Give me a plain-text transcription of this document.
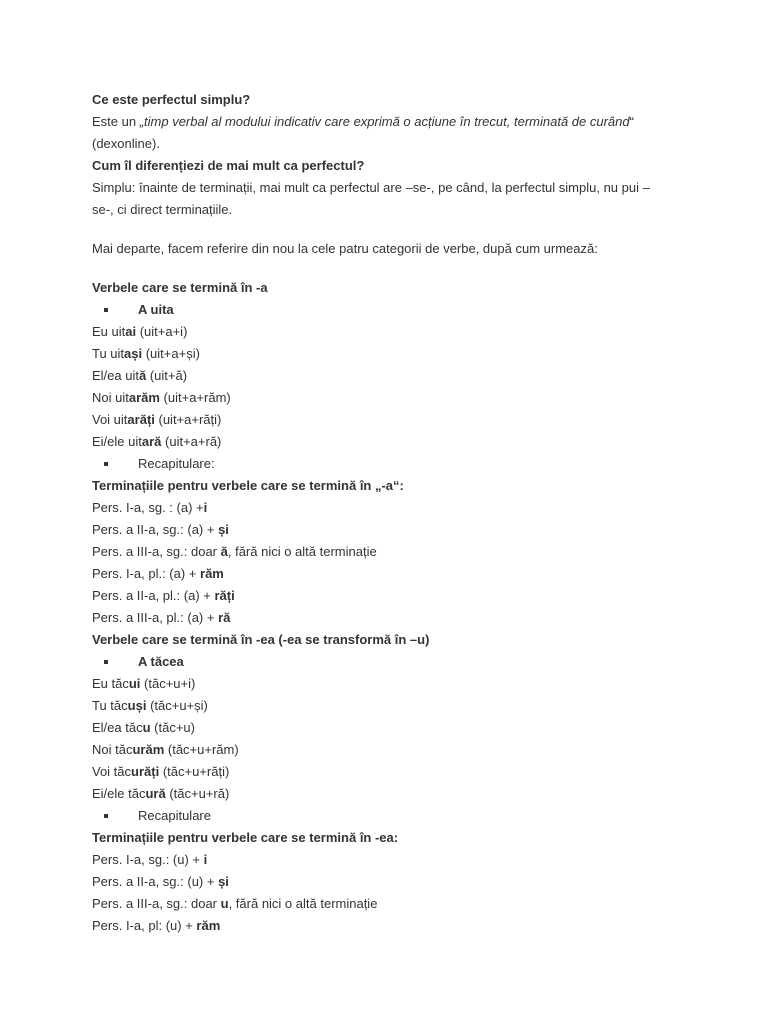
Ce este perfectul simplu?
Este un „timp verbal al modului indicativ care exprimă o acțiune în trecut, terminată de curând“
(dexonline).
Cum îl diferențiezi de mai mult ca perfectul?
Simplu: înainte de terminații, mai mult ca perfectul are –se-, pe când, la perfectul simplu, nu pui –
se-, ci direct terminațiile.
Mai departe, facem referire din nou la cele patru categorii de verbe, după cum urmează:
Verbele care se termină în -a
A uita
Eu uitai (uit+a+i)
Tu uitași (uit+a+și)
El/ea uită (uit+ă)
Noi uitarăm (uit+a+răm)
Voi uitarăți (uit+a+răți)
Ei/ele uitară (uit+a+ră)
Recapitulare:
Terminațiile pentru verbele care se termină în „-a“:
Pers. I-a, sg. : (a) +i
Pers. a II-a, sg.: (a) + și
Pers. a III-a, sg.: doar ă, fără nici o altă terminație
Pers. I-a, pl.: (a) + răm
Pers. a II-a, pl.: (a) + răți
Pers. a III-a, pl.: (a) + ră
Verbele care se termină în -ea (-ea se transformă în –u)
A tăcea
Eu tăcui (tăc+u+i)
Tu tăcuși (tăc+u+și)
El/ea tăcu (tăc+u)
Noi tăcurăm (tăc+u+răm)
Voi tăcurăți (tăc+u+răți)
Ei/ele tăcură (tăc+u+ră)
Recapitulare
Terminațiile pentru verbele care se termină în -ea:
Pers. I-a, sg.: (u) + i
Pers. a II-a, sg.: (u) + și
Pers. a III-a, sg.: doar u, fără nici o altă terminație
Pers. I-a, pl: (u) + răm
